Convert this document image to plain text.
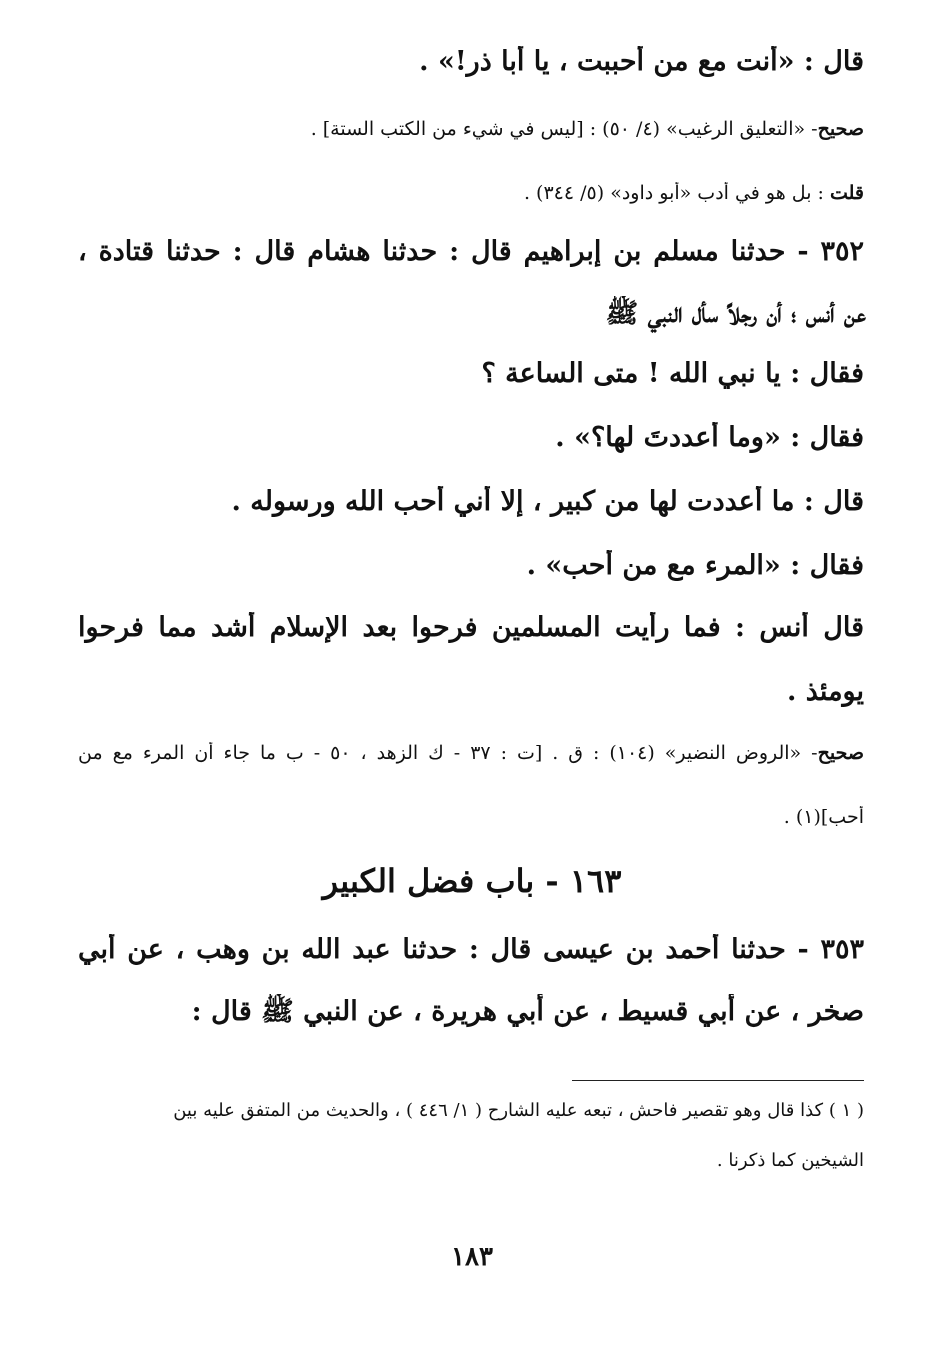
قال : «أنت مع من أحببت ، يا أبا ذر!» .
صحيح- «التعليق الرغيب» (٤/ ٥٠) : [ليس في شيء من الكتب الستة] .
قلت : بل هو في أدب «أبو داود» (٥/ ٣٤٤) .
٣٥٢ - حدثنا مسلم بن إبراهيم قال : حدثنا هشام قال : حدثنا قتادة ،
عن أنس ؛ أن رجلاً سأل النبي ﷺ
فقال : يا نبي الله ! متى الساعة ؟
فقال : «وما أعددتَ لها؟» .
قال : ما أعددت لها من كبير ، إلا أني أحب الله ورسوله .
فقال : «المرء مع من أحب» .
قال أنس : فما رأيت المسلمين فرحوا بعد الإسلام أشد مما فرحوا
يومئذ .
صحيح- «الروض النضير» (١٠٤) : ق . [ت : ٣٧ - ك الزهد ، ٥٠ - ب ما جاء أن المرء مع من
أحب](١) .
١٦٣ - باب فضل الكبير
٣٥٣ - حدثنا أحمد بن عيسى قال : حدثنا عبد الله بن وهب ، عن أبي
صخر ، عن أبي قسيط ، عن أبي هريرة ، عن النبي ﷺ قال :
( ١ ) كذا قال وهو تقصير فاحش ، تبعه عليه الشارح ( ١/ ٤٤٦ ) ، والحديث من المتفق عليه بين
الشيخين كما ذكرنا .
١٨٣
